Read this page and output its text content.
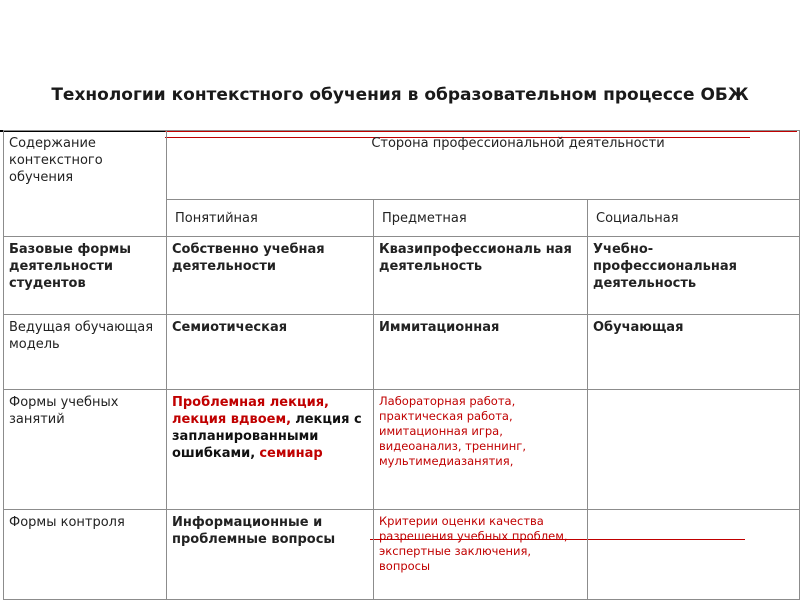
Технологии контекстного обучения в образовательном процессе ОБЖ
Содержание контекстного обучения	Сторона профессиональной деятельности		
	Понятийная	Предметная	Социальная
Базовые формы деятельности студентов	Собственно учебная деятельности	Квазипрофессиональ ная деятельность	Учебно-профессиональная деятельность
Ведущая обучающая модель	Семиотическая	Иммитационная	Обучающая
Формы учебных занятий	Проблемная лекция, лекция вдвоем, лекция с запланированными ошибками, семинар	Лабораторная работа, практическая работа, имитационная игра, видеоанализ, треннинг, мультимедиазанятия,	
Формы контроля	Информационные и проблемные вопросы	Критерии оценки качества разрешения учебных проблем, экспертные заключения, вопросы	
